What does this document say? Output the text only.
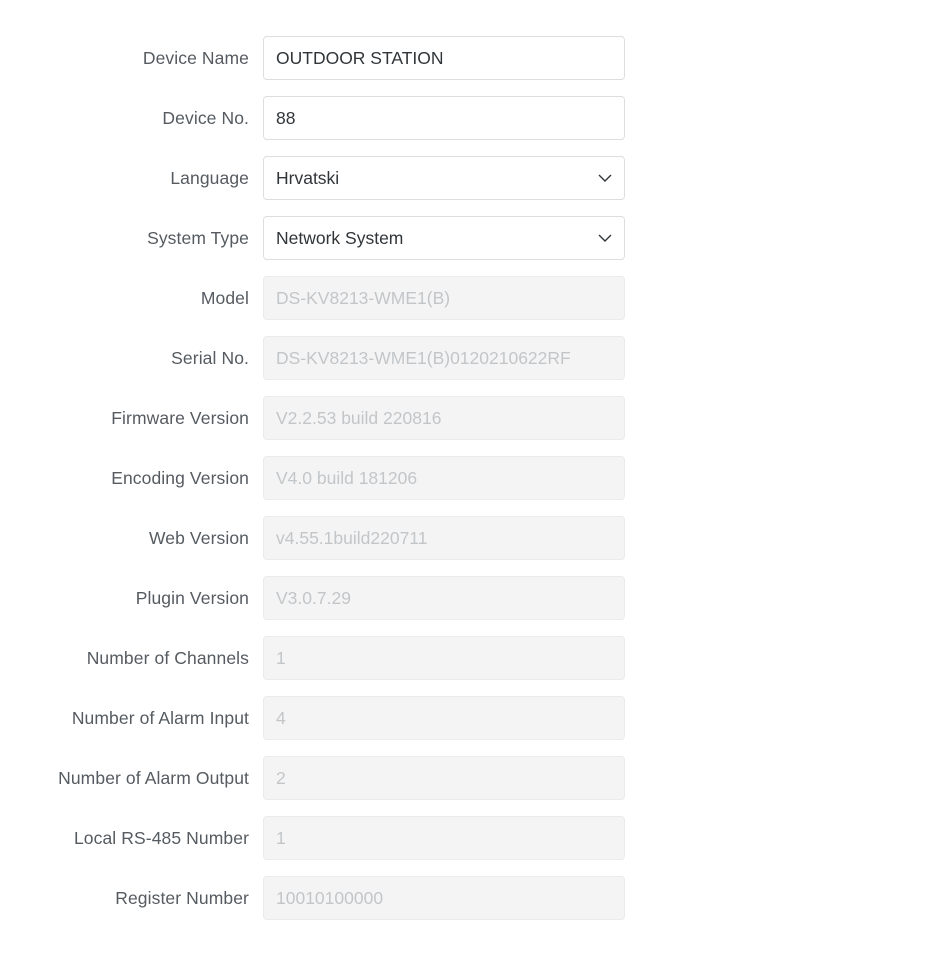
Device Name	OUTDOOR STATION
Device No.	88
Language	Hrvatski
System Type	Network System
Model	DS-KV8213-WME1(B)
Serial No.	DS-KV8213-WME1(B)0120210622RF
Firmware Version	V2.2.53 build 220816
Encoding Version	V4.0 build 181206
Web Version	v4.55.1build220711
Plugin Version	V3.0.7.29
Number of Channels	1
Number of Alarm Input	4
Number of Alarm Output	2
Local RS-485 Number	1
Register Number	10010100000
